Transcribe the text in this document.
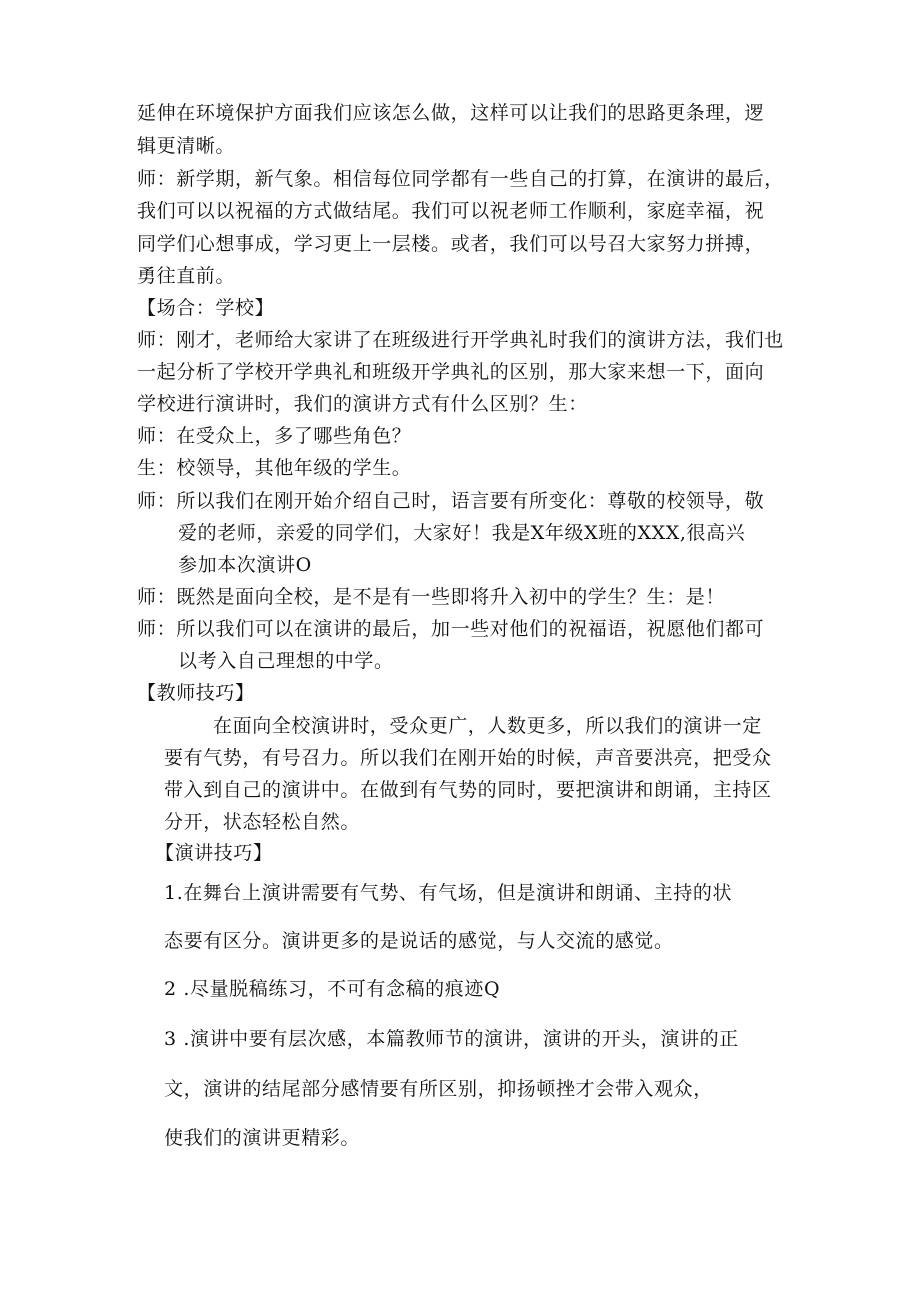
延伸在环境保护方面我们应该怎么做，这样可以让我们的思路更条理，逻
辑更清晰。
师：新学期，新气象。相信每位同学都有一些自己的打算，在演讲的最后，
我们可以以祝福的方式做结尾。我们可以祝老师工作顺利，家庭幸福，祝
同学们心想事成，学习更上一层楼。或者，我们可以号召大家努力拼搏，
勇往直前。
【场合：学校】
师：刚才，老师给大家讲了在班级进行开学典礼时我们的演讲方法，我们也
一起分析了学校开学典礼和班级开学典礼的区别，那大家来想一下，面向
学校进行演讲时，我们的演讲方式有什么区别？生：
师：在受众上，多了哪些角色？
生：校领导，其他年级的学生。
师：所以我们在刚开始介绍自己时，语言要有所变化：尊敬的校领导，敬
爱的老师，亲爱的同学们，大家好！我是X年级X班的XXX,很高兴
参加本次演讲O
师：既然是面向全校，是不是有一些即将升入初中的学生？生：是！
师：所以我们可以在演讲的最后，加一些对他们的祝福语，祝愿他们都可
以考入自己理想的中学。
【教师技巧】
在面向全校演讲时，受众更广，人数更多，所以我们的演讲一定
要有气势，有号召力。所以我们在刚开始的时候，声音要洪亮，把受众
带入到自己的演讲中。在做到有气势的同时，要把演讲和朗诵，主持区
分开，状态轻松自然。
【演讲技巧】
1.在舞台上演讲需要有气势、有气场，但是演讲和朗诵、主持的状
态要有区分。演讲更多的是说话的感觉，与人交流的感觉。
2 .尽量脱稿练习，不可有念稿的痕迹Q
3 .演讲中要有层次感，本篇教师节的演讲，演讲的开头，演讲的正
文，演讲的结尾部分感情要有所区别，抑扬顿挫才会带入观众，
使我们的演讲更精彩。
